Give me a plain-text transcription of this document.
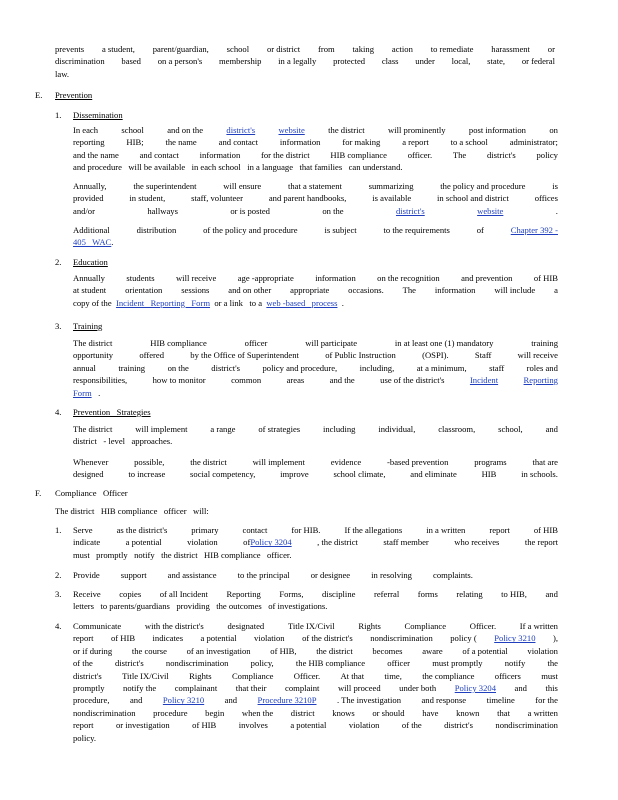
prevents a student, parent/guardian, school or district from taking action to remediate harassment or
discrimination based on a person's membership in a legally protected class under local, state, or federal
law.
E. Prevention
1. Dissemination
In each	school	and on the	district's	website	the district	will prominently	post information	on
reporting	HIB;	the name	and contact	information	for making	a report	to a school	administrator;
and the name and contact information for the district HIB compliance officer. The district's policy
and procedure   will be available   in each school   in a language   that families   can understand.
Annually,	the superintendent	will ensure	that a statement	summarizing	the policy and procedure	is
provided	in student,	staff, volunteer	and parent handbooks,	is available	in school and district	offices
and/or	hallways	or is posted	on the	district's	website	.
Additional	distribution	of the policy and procedure	is subject	to the requirements	of	Chapter 392 -
405   WAC.
2. Education
Annually students will receive age -appropriate information on the recognition and prevention of HIB
at student orientation sessions and on other appropriate occasions. The information will include a
copy of the  Incident   Reporting   Form  or a link   to a  web -based   process  .
3. Training
The district	HIB compliance	officer	will participate	in at least one (1) mandatory	training
opportunity	offered	by the Office of Superintendent	of Public Instruction	(OSPI).	Staff	will receive
annual	training	on the	district's	policy and procedure,	including,	at a minimum,	staff	roles and
responsibilities,	how to monitor	common	areas	and the	use of the district's	Incident	Reporting
Form   .
4. Prevention   Strategies
The district	will implement	a range	of strategies	including	individual,	classroom,	school,	and
district   - level   approaches.
Whenever	possible,	the district	will implement	evidence	-based prevention	programs	that are
designed	to increase	social competency,	improve	school climate,	and eliminate	HIB	in schools.
F. Compliance   Officer
The district   HIB compliance   officer   will:
1. Serve	as the district's	primary	contact	for HIB.	If the allegations	in a written	report	of HIB
indicate	a potential	violation	ofPolicy 3204	, the district	staff member	who receives	the report
must   promptly   notify   the district   HIB compliance   officer.
2. Provide support and assistance to the principal or designee in resolving complaints.
3. Receive copies of all Incident Reporting Forms, discipline referral forms relating to HIB, and
letters   to parents/guardians   providing   the outcomes   of investigations.
4. Communicate	with the district's	designated	Title IX/Civil	Rights	Compliance	Officer.	If a written
report of HIB indicates a potential violation of the district's nondiscrimination policy ( Policy 3210 ),
or if during the course of an investigation of HIB, the district becomes aware of a potential violation
of the	district's	nondiscrimination	policy,	the HIB compliance	officer	must promptly	notify	the
district's Title IX/Civil Rights Compliance Officer. At that time, the compliance officers must
promptly notify the complainant that their complaint will proceed under both Policy 3204 and this
procedure, and Policy 3210 and Procedure 3210P . The investigation and response timeline for the
nondiscrimination procedure begin when the district knows or should have known that a written
report	or investigation	of HIB	involves	a potential	violation	of the	district's	nondiscrimination
policy.
